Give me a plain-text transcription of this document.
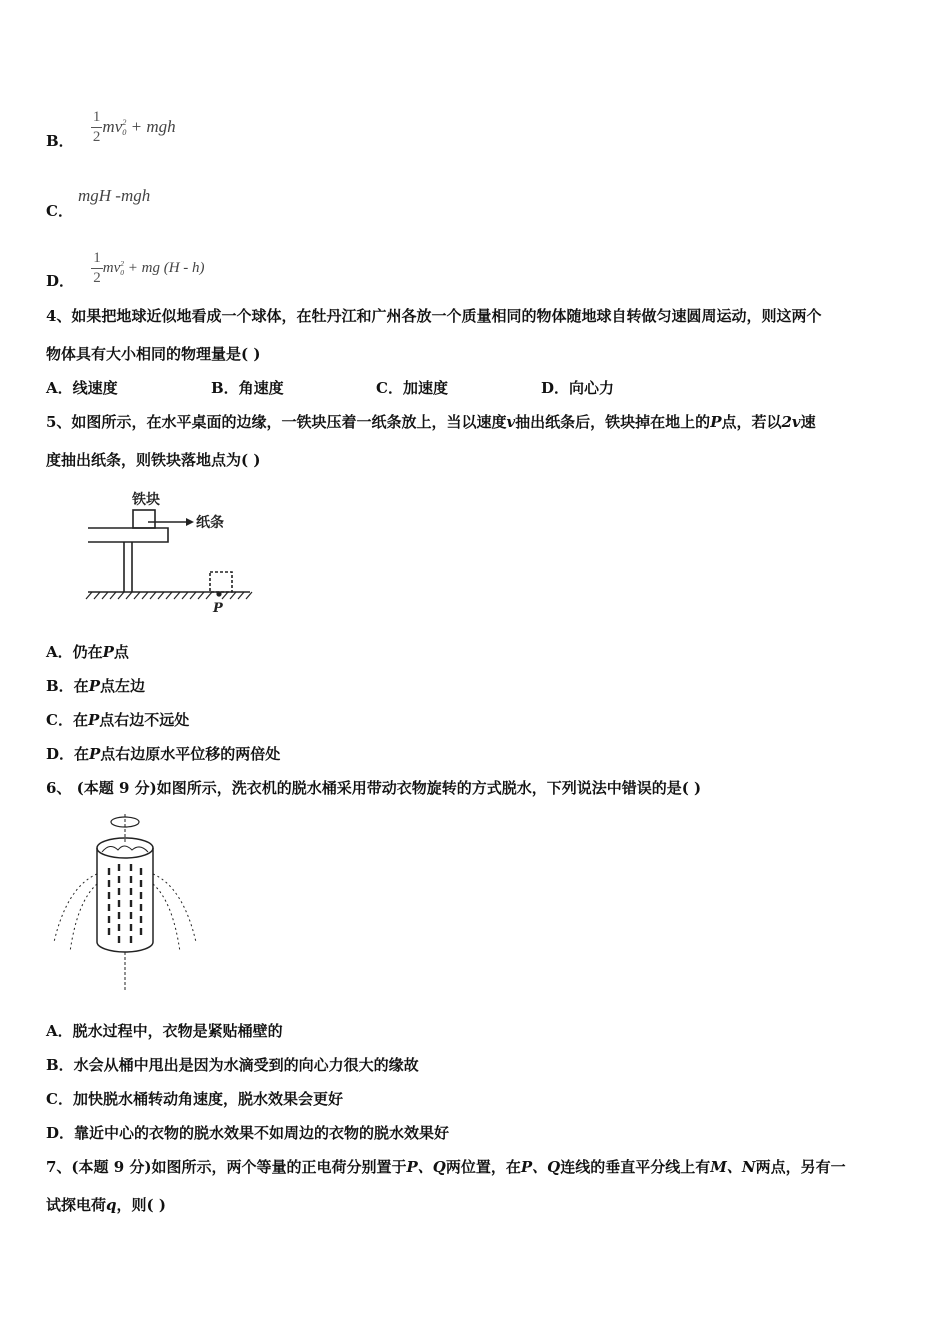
B． $\frac{1}{2}$ mv 2
0 + mgh
C．
mgH -mgh
D． $\frac{1}{2}$ mv 2
0 + mg (H - h)
4、如果把地球近似地看成一个球体，在牡丹江和广州各放一个质量相同的物体随地球自转做匀速圆周运动，则这两个
物体具有大小相同的物理量是( )
A．线速度	B．角速度	C．加速度	D．向心力
5、如图所示，在水平桌面的边缘，一铁块压着一纸条放上，当以速度v抽出纸条后，铁块掉在地上的P点，若以2v速
度抽出纸条，则铁块落地点为( )
铁块
纸条
P
A．仍在P点
B．在P点左边
C．在P点右边不远处
D．在P点右边原水平位移的两倍处
6、 (本题 9 分)如图所示，洗衣机的脱水桶采用带动衣物旋转的方式脱水，下列说法中错误的是( )
A．脱水过程中，衣物是紧贴桶壁的
B．水会从桶中甩出是因为水滴受到的向心力很大的缘故
C．加快脱水桶转动角速度，脱水效果会更好
D．靠近中心的衣物的脱水效果不如周边的衣物的脱水效果好
7、(本题 9 分)如图所示，两个等量的正电荷分别置于P、Q两位置，在P、Q连线的垂直平分线上有M、N两点，另有一
试探电荷q，则( )
